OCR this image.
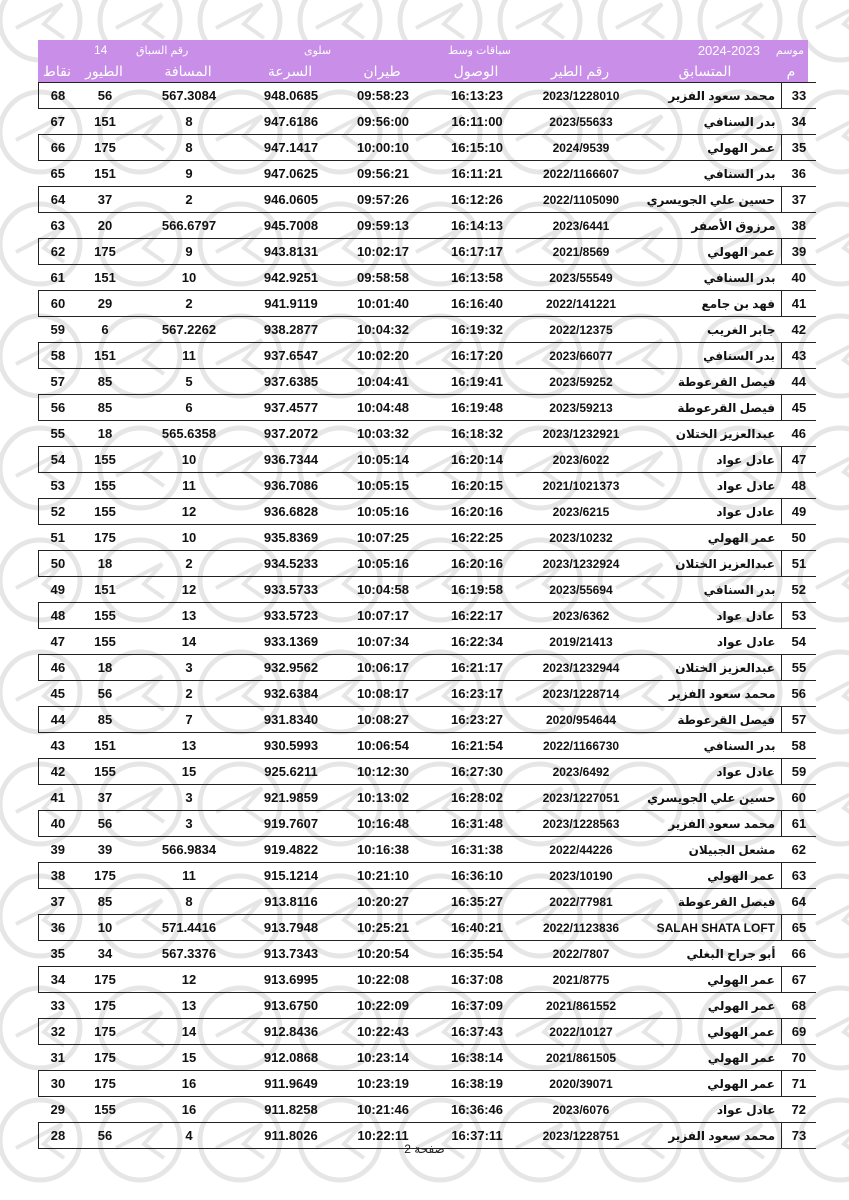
موسم
2024-2023
سباقات وسط
سلوى
رقم السباق
14
نقاط الطيور	المسافة	السرعة	طيران	الوصول	رقم الطير	المتسابق	م
68	56	567.3084	948.0685	09:58:23	16:13:23	2023/1228010	محمد سعود الفزير	33
67	151	8	947.6186	09:56:00	16:11:00	2023/55633	بدر السنافي	34
66	175	8	947.1417	10:00:10	16:15:10	2024/9539	عمر الهولي	35
65	151	9	947.0625	09:56:21	16:11:21	2022/1166607	بدر السنافي	36
64	37	2	946.0605	09:57:26	16:12:26	2022/1105090	حسين علي الجويسري	37
63	20	566.6797	945.7008	09:59:13	16:14:13	2023/6441	مرزوق الأصفر	38
62	175	9	943.8131	10:02:17	16:17:17	2021/8569	عمر الهولي	39
61	151	10	942.9251	09:58:58	16:13:58	2023/55549	بدر السنافي	40
60	29	2	941.9119	10:01:40	16:16:40	2022/141221	فهد بن جامع	41
59	6	567.2262	938.2877	10:04:32	16:19:32	2022/12375	جابر الغريب	42
58	151	11	937.6547	10:02:20	16:17:20	2023/66077	بدر السنافي	43
57	85	5	937.6385	10:04:41	16:19:41	2023/59252	فيصل القرعوطة	44
56	85	6	937.4577	10:04:48	16:19:48	2023/59213	فيصل القرعوطة	45
55	18	565.6358	937.2072	10:03:32	16:18:32	2023/1232921	عبدالعزيز الختلان	46
54	155	10	936.7344	10:05:14	16:20:14	2023/6022	عادل عواد	47
53	155	11	936.7086	10:05:15	16:20:15	2021/1021373	عادل عواد	48
52	155	12	936.6828	10:05:16	16:20:16	2023/6215	عادل عواد	49
51	175	10	935.8369	10:07:25	16:22:25	2023/10232	عمر الهولي	50
50	18	2	934.5233	10:05:16	16:20:16	2023/1232924	عبدالعزيز الختلان	51
49	151	12	933.5733	10:04:58	16:19:58	2023/55694	بدر السنافي	52
48	155	13	933.5723	10:07:17	16:22:17	2023/6362	عادل عواد	53
47	155	14	933.1369	10:07:34	16:22:34	2019/21413	عادل عواد	54
46	18	3	932.9562	10:06:17	16:21:17	2023/1232944	عبدالعزيز الختلان	55
45	56	2	932.6384	10:08:17	16:23:17	2023/1228714	محمد سعود الفزير	56
44	85	7	931.8340	10:08:27	16:23:27	2020/954644	فيصل القرعوطة	57
43	151	13	930.5993	10:06:54	16:21:54	2022/1166730	بدر السنافي	58
42	155	15	925.6211	10:12:30	16:27:30	2023/6492	عادل عواد	59
41	37	3	921.9859	10:13:02	16:28:02	2023/1227051	حسين علي الجويسري	60
40	56	3	919.7607	10:16:48	16:31:48	2023/1228563	محمد سعود الفزير	61
39	39	566.9834	919.4822	10:16:38	16:31:38	2022/44226	مشعل الجبيلان	62
38	175	11	915.1214	10:21:10	16:36:10	2023/10190	عمر الهولي	63
37	85	8	913.8116	10:20:27	16:35:27	2022/77981	فيصل القرعوطة	64
36	10	571.4416	913.7948	10:25:21	16:40:21	2022/1123836	SALAH SHATA LOFT	65
35	34	567.3376	913.7343	10:20:54	16:35:54	2022/7807	أبو جراح البغلي	66
34	175	12	913.6995	10:22:08	16:37:08	2021/8775	عمر الهولي	67
33	175	13	913.6750	10:22:09	16:37:09	2021/861552	عمر الهولي	68
32	175	14	912.8436	10:22:43	16:37:43	2022/10127	عمر الهولي	69
31	175	15	912.0868	10:23:14	16:38:14	2021/861505	عمر الهولي	70
30	175	16	911.9649	10:23:19	16:38:19	2020/39071	عمر الهولي	71
29	155	16	911.8258	10:21:46	16:36:46	2023/6076	عادل عواد	72
28	56	4	911.8026	10:22:11	16:37:11	2023/1228751	محمد سعود الفزير	73
صفحة 2
